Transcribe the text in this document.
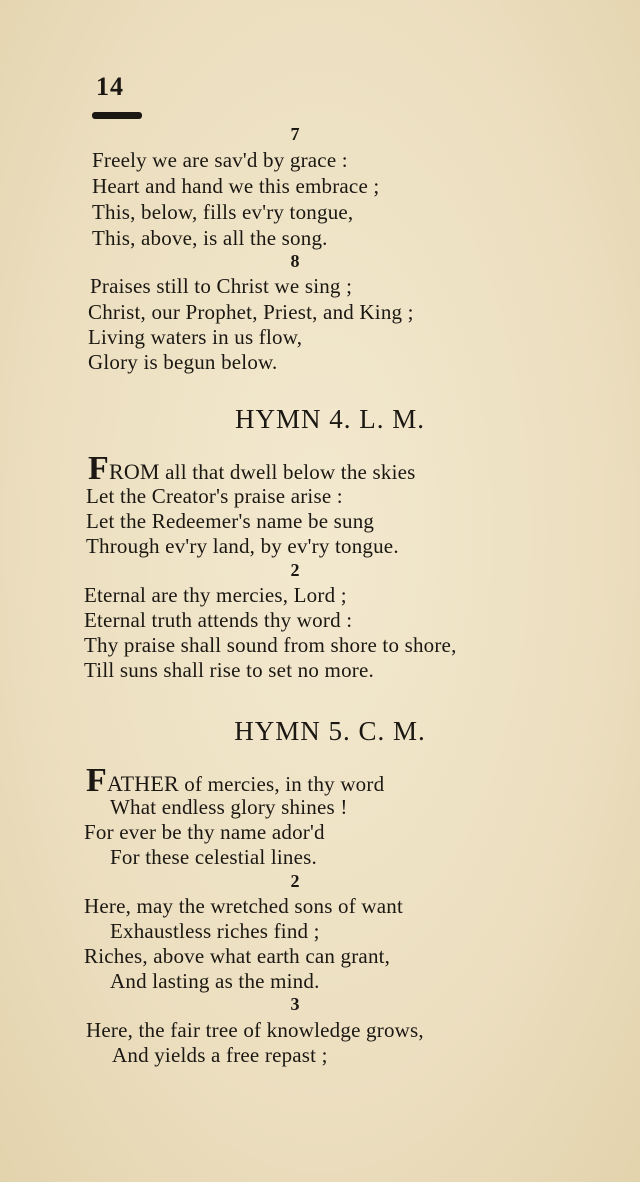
14
7
Freely we are sav'd by grace :
Heart and hand we this embrace ;
This, below, fills ev'ry tongue,
This, above, is all the song.
8
Praises still to Christ we sing ;
Christ, our Prophet, Priest, and King ;
Living waters in us flow,
Glory is begun below.
HYMN 4. L. M.
FROM all that dwell below the skies
Let the Creator's praise arise :
Let the Redeemer's name be sung
Through ev'ry land, by ev'ry tongue.
2
Eternal are thy mercies, Lord ;
Eternal truth attends thy word :
Thy praise shall sound from shore to shore,
Till suns shall rise to set no more.
HYMN 5. C. M.
FATHER of mercies, in thy word
What endless glory shines !
For ever be thy name ador'd
For these celestial lines.
2
Here, may the wretched sons of want
Exhaustless riches find ;
Riches, above what earth can grant,
And lasting as the mind.
3
Here, the fair tree of knowledge grows,
And yields a free repast ;
